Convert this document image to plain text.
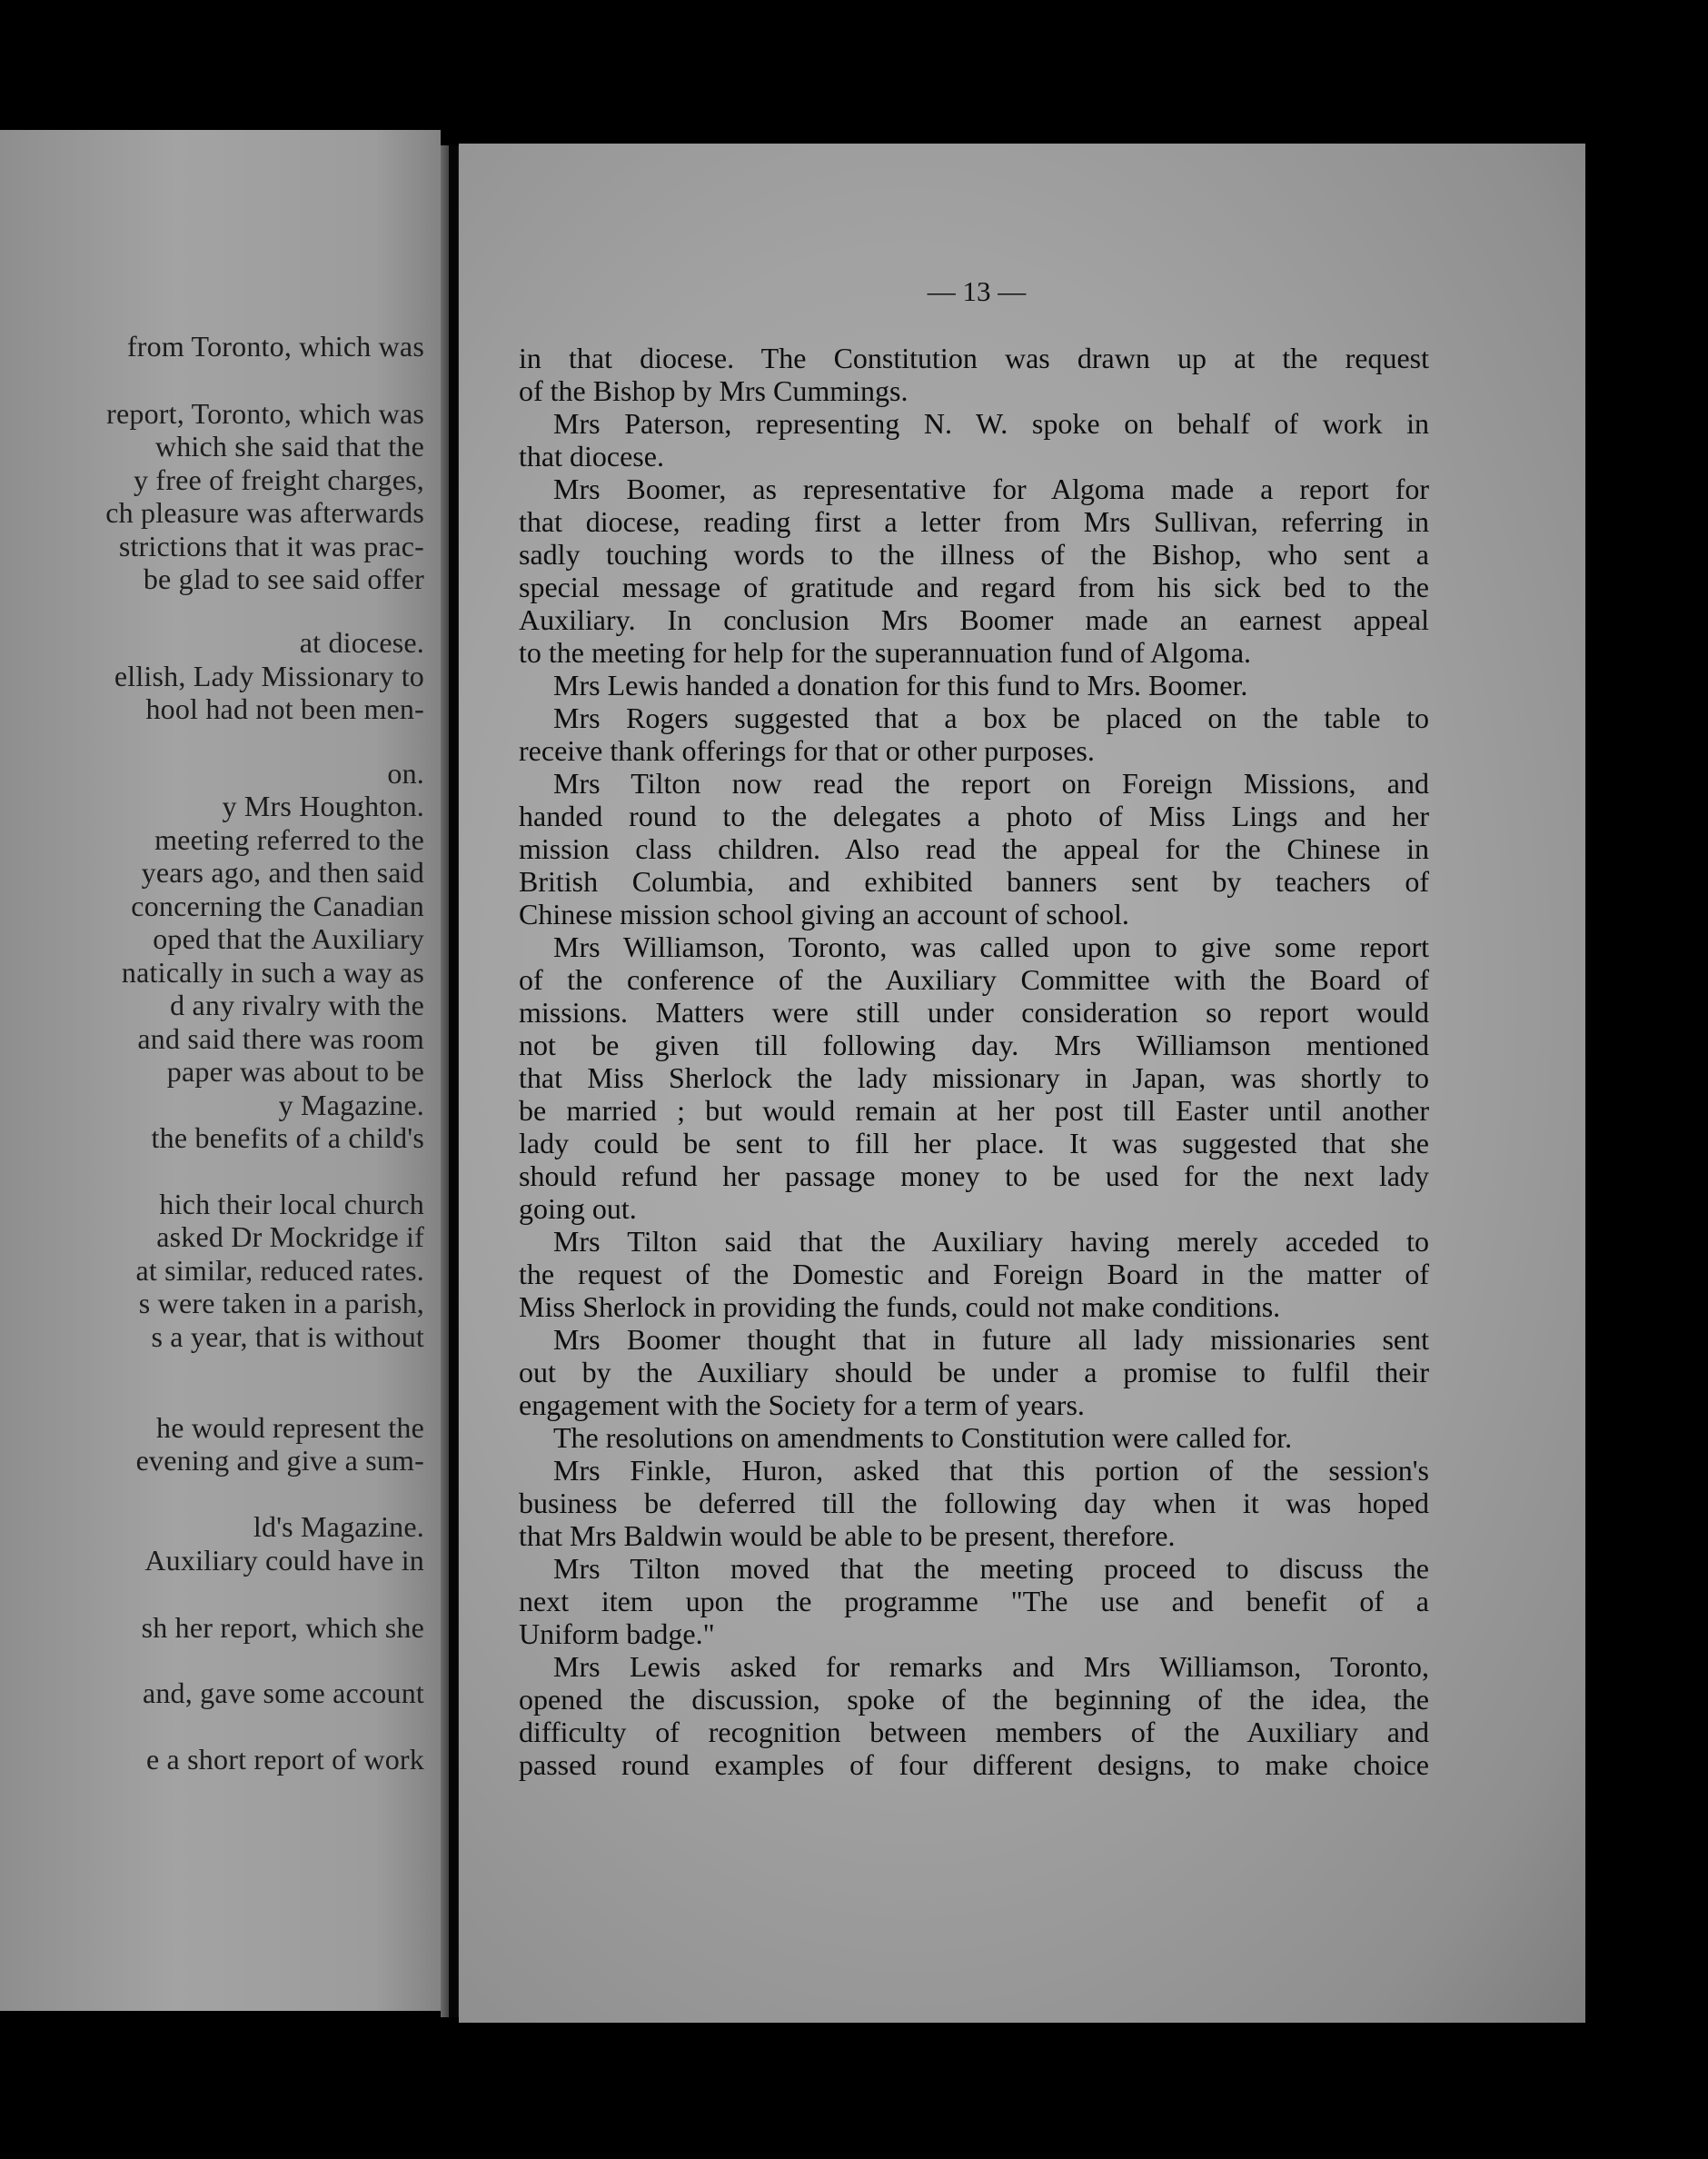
from Toronto, which was
report, Toronto, which was
which she said that the
y free of freight charges,
ch pleasure was afterwards
strictions that it was prac-
be glad to see said offer
at diocese.
ellish, Lady Missionary to
hool had not been men-
on.
y Mrs Houghton.
meeting referred to the
years ago, and then said
concerning the Canadian
oped that the Auxiliary
natically in such a way as
d any rivalry with the
and said there was room
paper was about to be
y Magazine.
the benefits of a child's
hich their local church
asked Dr Mockridge if
at similar, reduced rates.
s were taken in a parish,
s a year, that is without
he would represent the
evening and give a sum-
ld's Magazine.
Auxiliary could have in
sh her report, which she
and, gave some account
e a short report of work
— 13 —
in that diocese. The Constitution was drawn up at the request
of the Bishop by Mrs Cummings.
Mrs Paterson, representing N. W. spoke on behalf of work in
that diocese.
Mrs Boomer, as representative for Algoma made a report for
that diocese, reading first a letter from Mrs Sullivan, referring in
sadly touching words to the illness of the Bishop, who sent a
special message of gratitude and regard from his sick bed to the
Auxiliary. In conclusion Mrs Boomer made an earnest appeal
to the meeting for help for the superannuation fund of Algoma.
Mrs Lewis handed a donation for this fund to Mrs. Boomer.
Mrs Rogers suggested that a box be placed on the table to
receive thank offerings for that or other purposes.
Mrs Tilton now read the report on Foreign Missions, and
handed round to the delegates a photo of Miss Lings and her
mission class children. Also read the appeal for the Chinese in
British Columbia, and exhibited banners sent by teachers of
Chinese mission school giving an account of school.
Mrs Williamson, Toronto, was called upon to give some report
of the conference of the Auxiliary Committee with the Board of
missions. Matters were still under consideration so report would
not be given till following day. Mrs Williamson mentioned
that Miss Sherlock the lady missionary in Japan, was shortly to
be married ; but would remain at her post till Easter until another
lady could be sent to fill her place. It was suggested that she
should refund her passage money to be used for the next lady
going out.
Mrs Tilton said that the Auxiliary having merely acceded to
the request of the Domestic and Foreign Board in the matter of
Miss Sherlock in providing the funds, could not make conditions.
Mrs Boomer thought that in future all lady missionaries sent
out by the Auxiliary should be under a promise to fulfil their
engagement with the Society for a term of years.
The resolutions on amendments to Constitution were called for.
Mrs Finkle, Huron, asked that this portion of the session's
business be deferred till the following day when it was hoped
that Mrs Baldwin would be able to be present, therefore.
Mrs Tilton moved that the meeting proceed to discuss the
next item upon the programme "The use and benefit of a
Uniform badge."
Mrs Lewis asked for remarks and Mrs Williamson, Toronto,
opened the discussion, spoke of the beginning of the idea, the
difficulty of recognition between members of the Auxiliary and
passed round examples of four different designs, to make choice
